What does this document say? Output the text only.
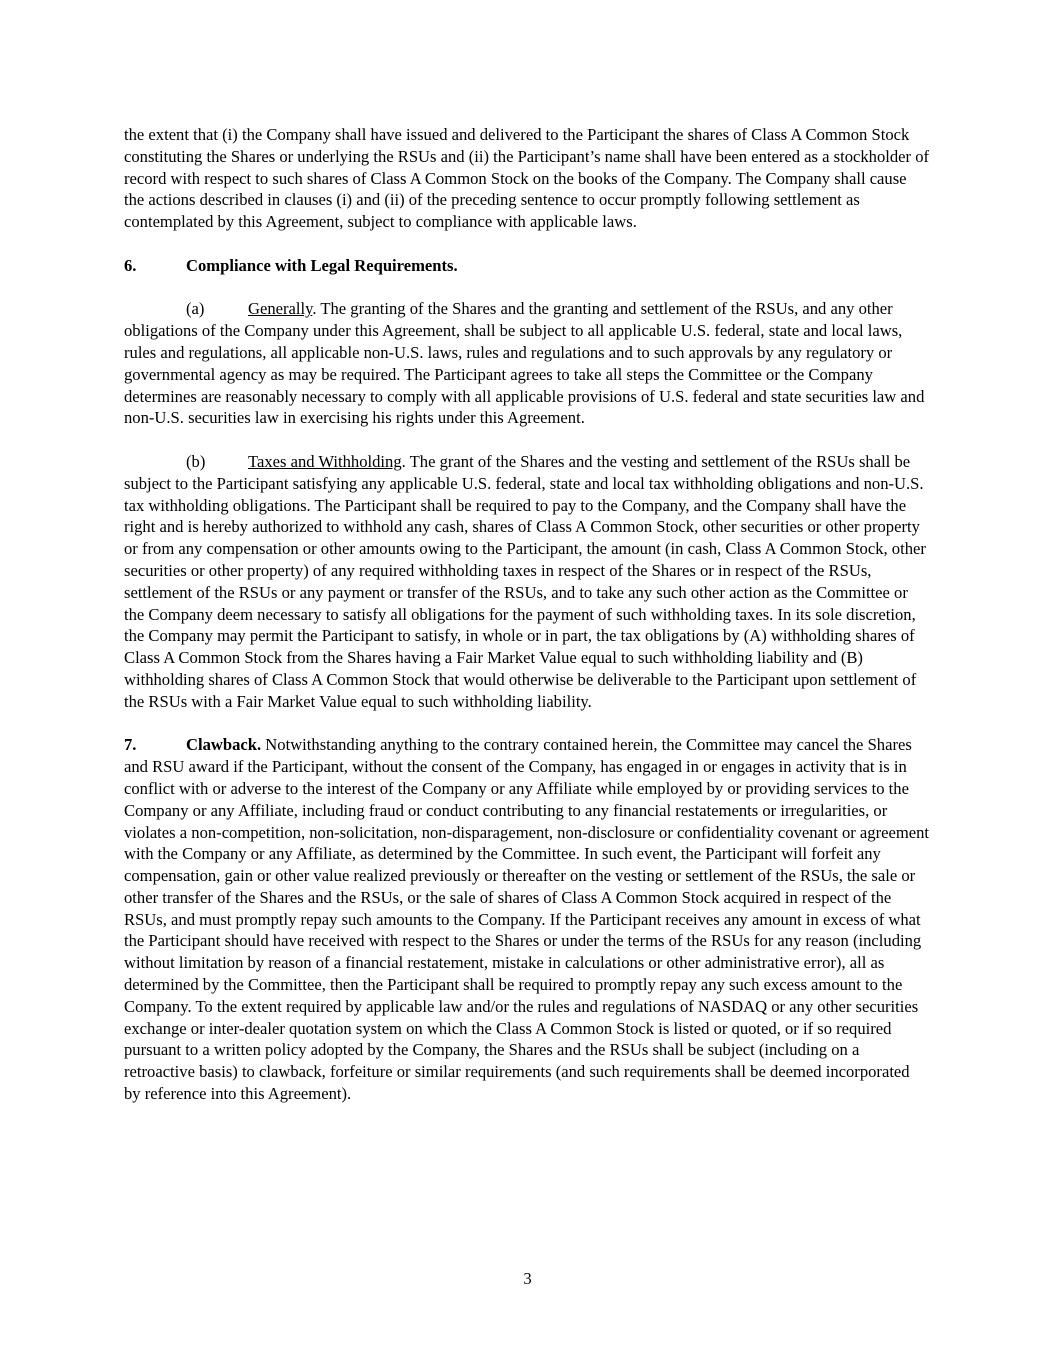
the extent that (i) the Company shall have issued and delivered to the Participant the shares of Class A Common Stock constituting the Shares or underlying the RSUs and (ii) the Participant’s name shall have been entered as a stockholder of record with respect to such shares of Class A Common Stock on the books of the Company. The Company shall cause the actions described in clauses (i) and (ii) of the preceding sentence to occur promptly following settlement as contemplated by this Agreement, subject to compliance with applicable laws.

6.	Compliance with Legal Requirements.

(a)	Generally. The granting of the Shares and the granting and settlement of the RSUs, and any other obligations of the Company under this Agreement, shall be subject to all applicable U.S. federal, state and local laws, rules and regulations, all applicable non-U.S. laws, rules and regulations and to such approvals by any regulatory or governmental agency as may be required. The Participant agrees to take all steps the Committee or the Company determines are reasonably necessary to comply with all applicable provisions of U.S. federal and state securities law and non-U.S. securities law in exercising his rights under this Agreement.

(b)	Taxes and Withholding. The grant of the Shares and the vesting and settlement of the RSUs shall be subject to the Participant satisfying any applicable U.S. federal, state and local tax withholding obligations and non-U.S. tax withholding obligations. The Participant shall be required to pay to the Company, and the Company shall have the right and is hereby authorized to withhold any cash, shares of Class A Common Stock, other securities or other property or from any compensation or other amounts owing to the Participant, the amount (in cash, Class A Common Stock, other securities or other property) of any required withholding taxes in respect of the Shares or in respect of the RSUs, settlement of the RSUs or any payment or transfer of the RSUs, and to take any such other action as the Committee or the Company deem necessary to satisfy all obligations for the payment of such withholding taxes. In its sole discretion, the Company may permit the Participant to satisfy, in whole or in part, the tax obligations by (A) withholding shares of Class A Common Stock from the Shares having a Fair Market Value equal to such withholding liability and (B) withholding shares of Class A Common Stock that would otherwise be deliverable to the Participant upon settlement of the RSUs with a Fair Market Value equal to such withholding liability.

7.	Clawback. Notwithstanding anything to the contrary contained herein, the Committee may cancel the Shares and RSU award if the Participant, without the consent of the Company, has engaged in or engages in activity that is in conflict with or adverse to the interest of the Company or any Affiliate while employed by or providing services to the Company or any Affiliate, including fraud or conduct contributing to any financial restatements or irregularities, or violates a non-competition, non-solicitation, non-disparagement, non-disclosure or confidentiality covenant or agreement with the Company or any Affiliate, as determined by the Committee. In such event, the Participant will forfeit any compensation, gain or other value realized previously or thereafter on the vesting or settlement of the RSUs, the sale or other transfer of the Shares and the RSUs, or the sale of shares of Class A Common Stock acquired in respect of the RSUs, and must promptly repay such amounts to the Company. If the Participant receives any amount in excess of what the Participant should have received with respect to the Shares or under the terms of the RSUs for any reason (including without limitation by reason of a financial restatement, mistake in calculations or other administrative error), all as determined by the Committee, then the Participant shall be required to promptly repay any such excess amount to the Company. To the extent required by applicable law and/or the rules and regulations of NASDAQ or any other securities exchange or inter-dealer quotation system on which the Class A Common Stock is listed or quoted, or if so required pursuant to a written policy adopted by the Company, the Shares and the RSUs shall be subject (including on a retroactive basis) to clawback, forfeiture or similar requirements (and such requirements shall be deemed incorporated by reference into this Agreement).

3
